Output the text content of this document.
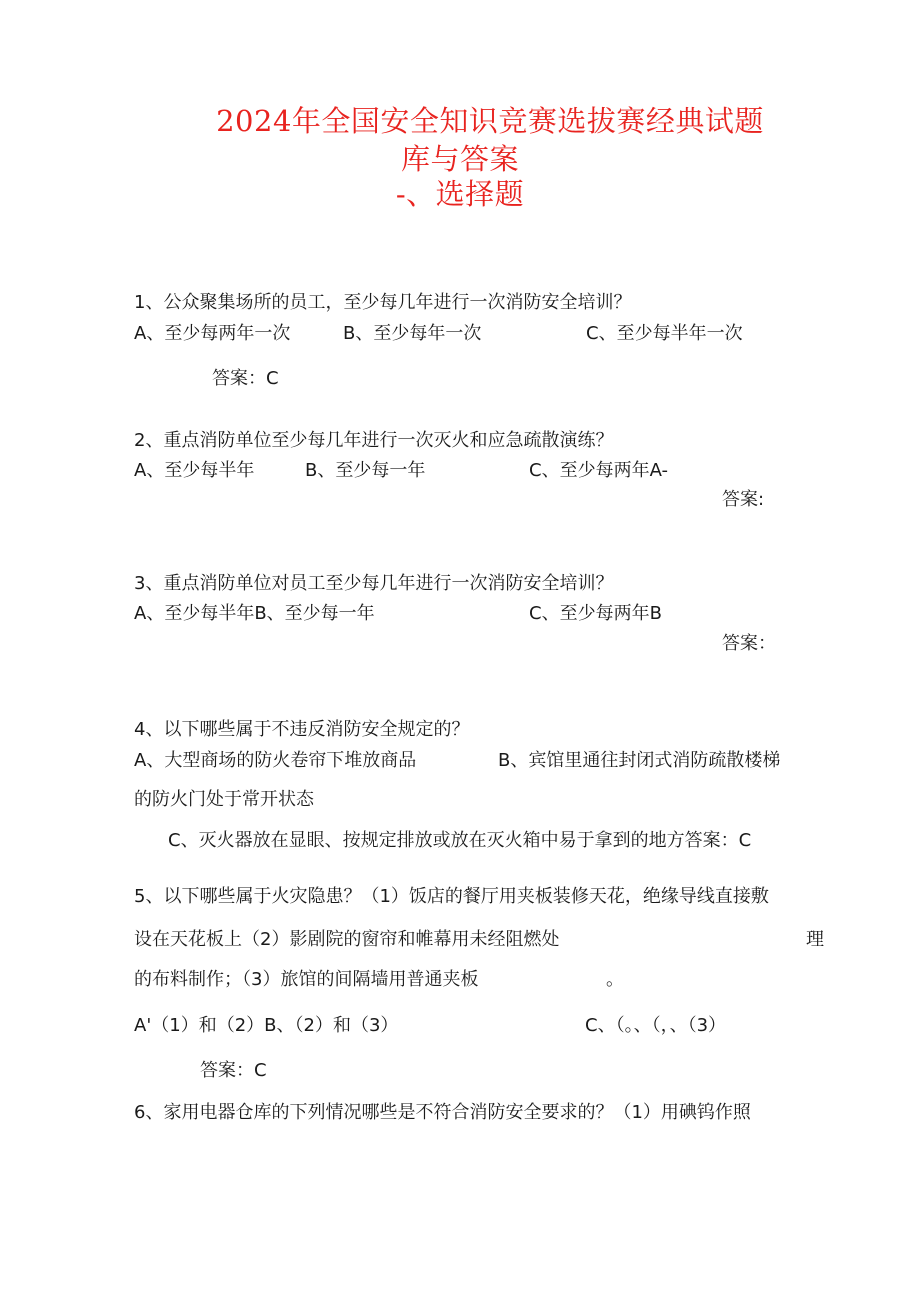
2024年全国安全知识竞赛选拔赛经典试题
库与答案
-、选择题
1、公众聚集场所的员工，至少每几年进行一次消防安全培训？
A、至少每两年一次	B、至少每年一次	C、至少每半年一次
答案：C
2、重点消防单位至少每几年进行一次灭火和应急疏散演练？
A、至少每半年	B、至少每一年	C、至少每两年A-
答案:
3、重点消防单位对员工至少每几年进行一次消防安全培训？
A、至少每半年B、至少每一年	C、至少每两年B
答案：
4、以下哪些属于不违反消防安全规定的？
A、大型商场的防火卷帘下堆放商品	B、宾馆里通往封闭式消防疏散楼梯
的防火门处于常开状态
C、灭火器放在显眼、按规定排放或放在灭火箱中易于拿到的地方答案：C
5、以下哪些属于火灾隐患？（1）饭店的餐厅用夹板装修天花，绝缘导线直接敷
设在天花板上（2）影剧院的窗帘和帷幕用未经阻燃处	理
的布料制作；（3）旅馆的间隔墙用普通夹板	。
A'（1）和（2）B、（2）和（3）	C、（。、（，、（3）
答案：C
6、家用电器仓库的下列情况哪些是不符合消防安全要求的？（1）用碘钨作照
